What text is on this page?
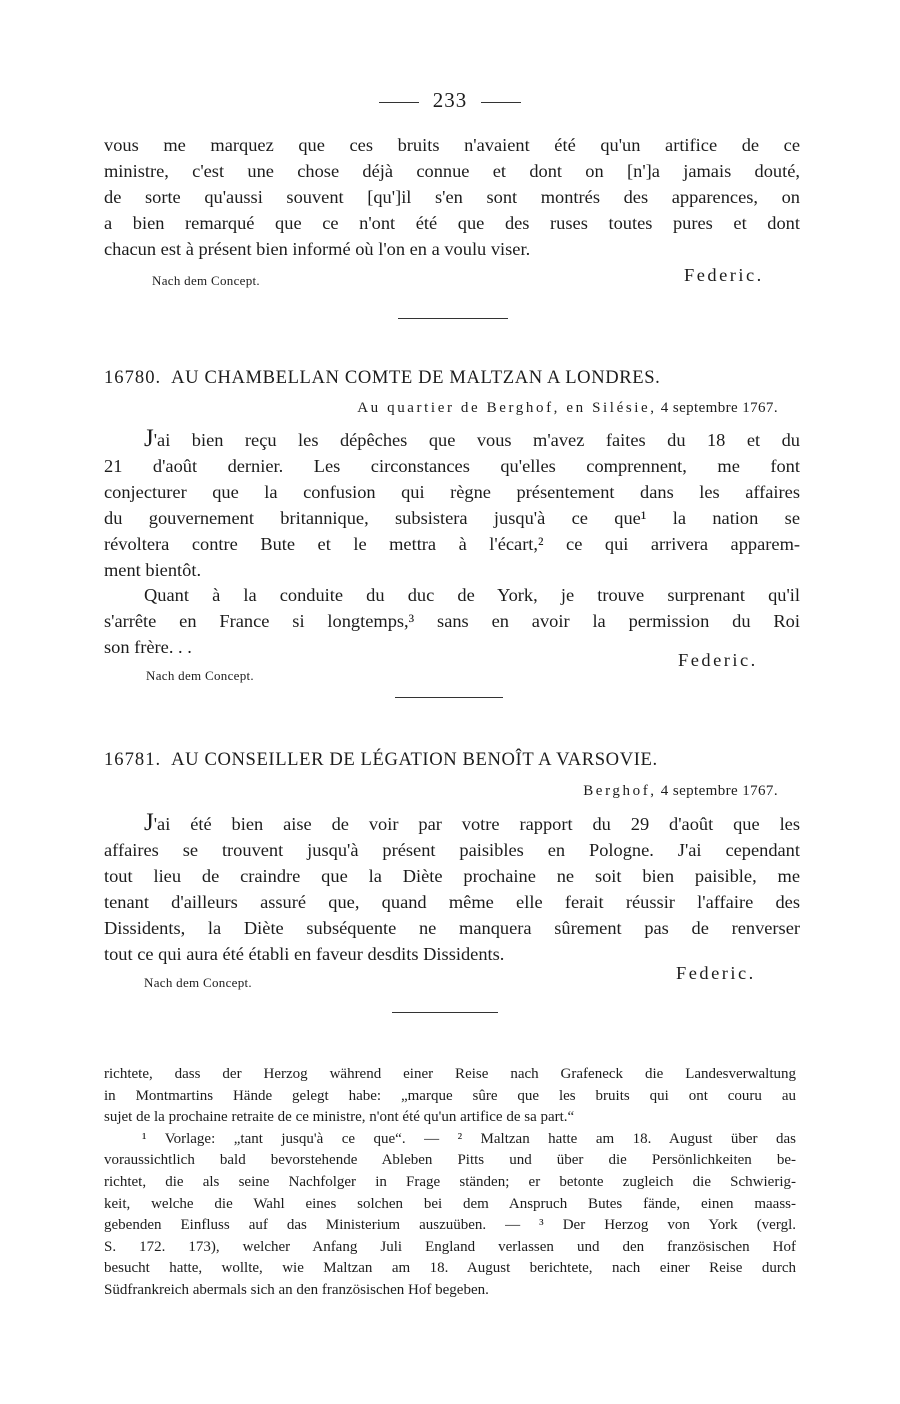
233
vous me marquez que ces bruits n'avaient été qu'un artifice de ce
ministre, c'est une chose déjà connue et dont on [n']a jamais douté,
de sorte qu'aussi souvent [qu']il s'en sont montrés des apparences, on
a bien remarqué que ce n'ont été que des ruses toutes pures et dont
chacun est à présent bien informé où l'on en a voulu viser.
Nach dem Concept.	Federic.
16780. AU CHAMBELLAN COMTE DE MALTZAN A LONDRES.
Au quartier de Berghof, en Silésie, 4 septembre 1767.
J'ai bien reçu les dépêches que vous m'avez faites du 18 et du
21 d'août dernier. Les circonstances qu'elles comprennent, me font
conjecturer que la confusion qui règne présentement dans les affaires
du gouvernement britannique, subsistera jusqu'à ce que¹ la nation se
révoltera contre Bute et le mettra à l'écart,² ce qui arrivera apparem-
ment bientôt.
Quant à la conduite du duc de York, je trouve surprenant qu'il
s'arrête en France si longtemps,³ sans en avoir la permission du Roi
son frère. . .
Nach dem Concept.
Federic.
16781. AU CONSEILLER DE LÉGATION BENOÎT A VARSOVIE.
Berghof, 4 septembre 1767.
J'ai été bien aise de voir par votre rapport du 29 d'août que les
affaires se trouvent jusqu'à présent paisibles en Pologne. J'ai cependant
tout lieu de craindre que la Diète prochaine ne soit bien paisible, me
tenant d'ailleurs assuré que, quand même elle ferait réussir l'affaire des
Dissidents, la Diète subséquente ne manquera sûrement pas de renverser
tout ce qui aura été établi en faveur desdits Dissidents.
Nach dem Concept.	Federic.
richtete, dass der Herzog während einer Reise nach Grafeneck die Landesverwaltung
in Montmartins Hände gelegt habe: „marque sûre que les bruits qui ont couru au
sujet de la prochaine retraite de ce ministre, n'ont été qu'un artifice de sa part.“
¹ Vorlage: „tant jusqu'à ce que“. — ² Maltzan hatte am 18. August über das
voraussichtlich bald bevorstehende Ableben Pitts und über die Persönlichkeiten be-
richtet, die als seine Nachfolger in Frage ständen; er betonte zugleich die Schwierig-
keit, welche die Wahl eines solchen bei dem Anspruch Butes fände, einen maass-
gebenden Einfluss auf das Ministerium auszuüben. — ³ Der Herzog von York (vergl.
S. 172. 173), welcher Anfang Juli England verlassen und den französischen Hof
besucht hatte, wollte, wie Maltzan am 18. August berichtete, nach einer Reise durch
Südfrankreich abermals sich an den französischen Hof begeben.
